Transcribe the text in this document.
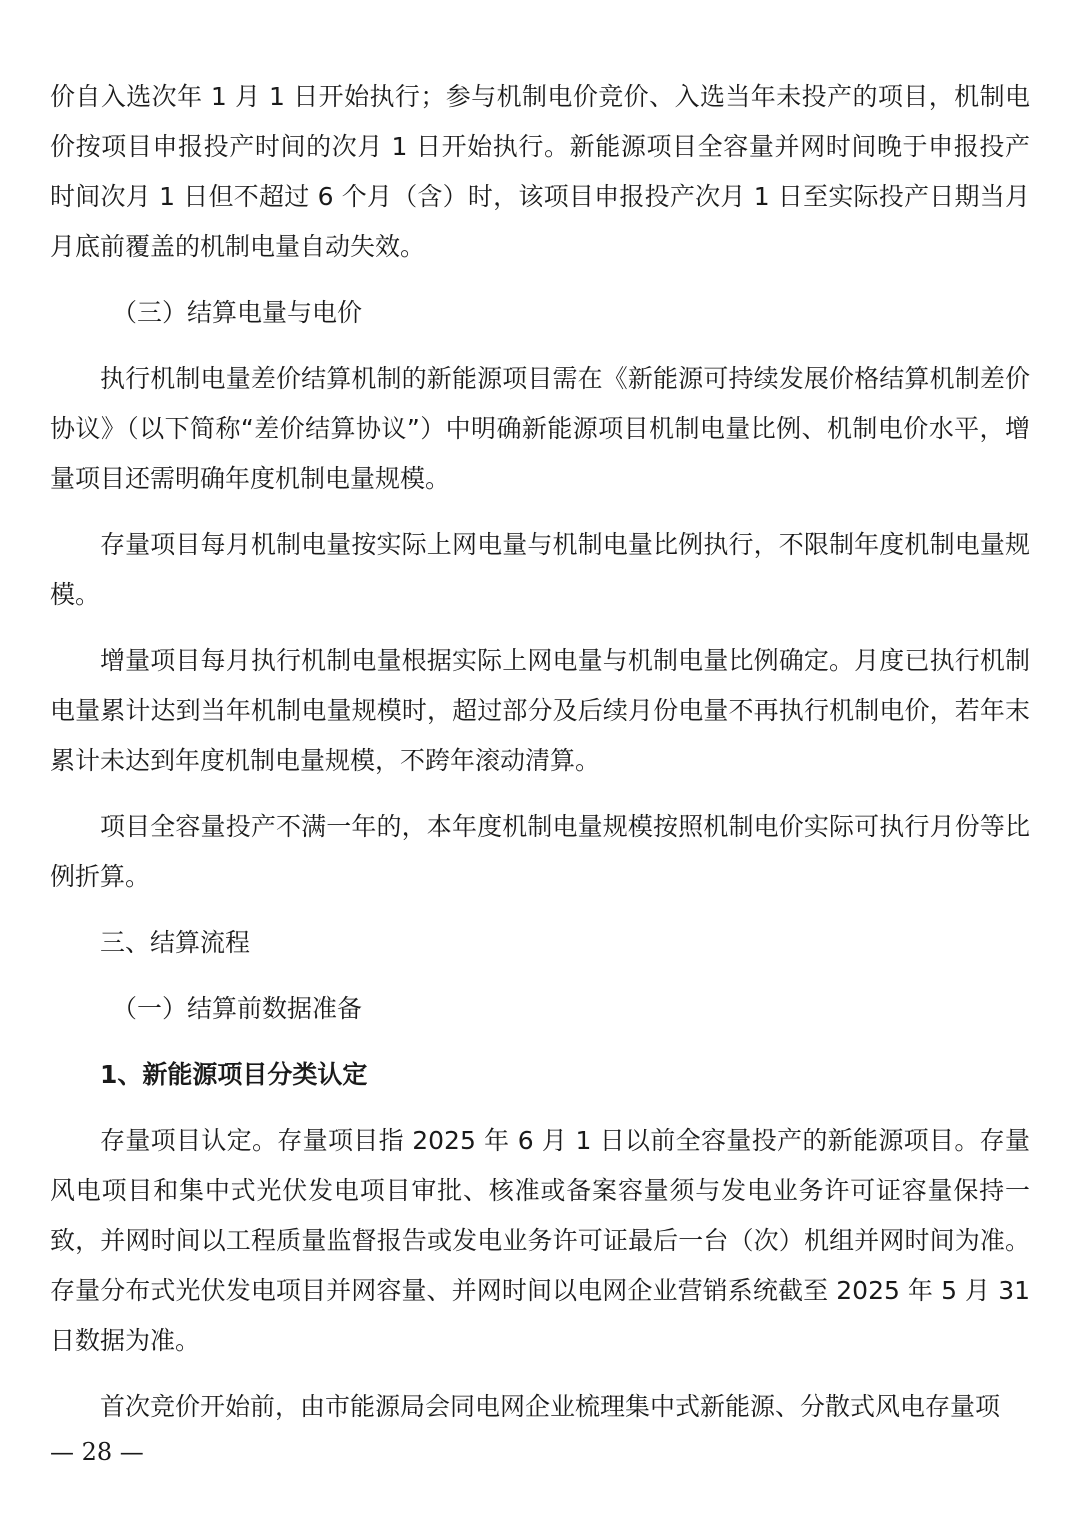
价自入选次年 1 月 1 日开始执行；参与机制电价竞价、入选当年未投产的项目，机制电价按项目申报投产时间的次月 1 日开始执行。新能源项目全容量并网时间晚于申报投产时间次月 1 日但不超过 6 个月（含）时，该项目申报投产次月 1 日至实际投产日期当月月底前覆盖的机制电量自动失效。

（三）结算电量与电价

执行机制电量差价结算机制的新能源项目需在《新能源可持续发展价格结算机制差价协议》（以下简称“差价结算协议”）中明确新能源项目机制电量比例、机制电价水平，增量项目还需明确年度机制电量规模。

存量项目每月机制电量按实际上网电量与机制电量比例执行，不限制年度机制电量规模。

增量项目每月执行机制电量根据实际上网电量与机制电量比例确定。月度已执行机制电量累计达到当年机制电量规模时，超过部分及后续月份电量不再执行机制电价，若年末累计未达到年度机制电量规模，不跨年滚动清算。

项目全容量投产不满一年的，本年度机制电量规模按照机制电价实际可执行月份等比例折算。

三、结算流程

（一）结算前数据准备

1、新能源项目分类认定

存量项目认定。存量项目指 2025 年 6 月 1 日以前全容量投产的新能源项目。存量风电项目和集中式光伏发电项目审批、核准或备案容量须与发电业务许可证容量保持一致，并网时间以工程质量监督报告或发电业务许可证最后一台（次）机组并网时间为准。存量分布式光伏发电项目并网容量、并网时间以电网企业营销系统截至 2025 年 5 月 31 日数据为准。

首次竞价开始前，由市能源局会同电网企业梳理集中式新能源、分散式风电存量项

— 28 —
